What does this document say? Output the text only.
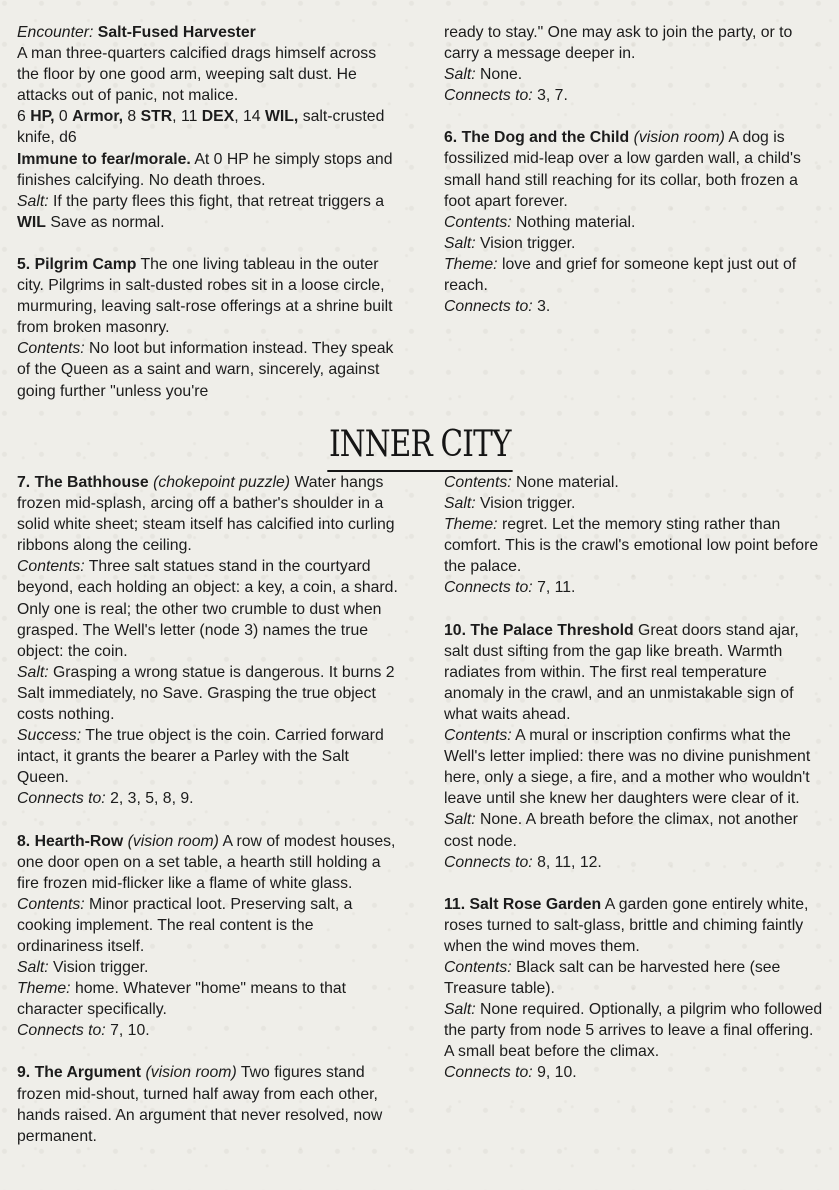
Encounter: Salt-Fused Harvester

A man three-quarters calcified drags himself across the floor by one good arm, weeping salt dust. He attacks out of panic, not malice.

6 HP, 0 Armor, 8 STR, 11 DEX, 14 WIL, salt-crusted knife, d6

Immune to fear/morale. At 0 HP he simply stops and finishes calcifying. No death throes.

Salt: If the party flees this fight, that retreat triggers a WIL Save as normal.

5. Pilgrim Camp The one living tableau in the outer city. Pilgrims in salt-dusted robes sit in a loose circle, murmuring, leaving salt-rose offerings at a shrine built from broken masonry.

Contents: No loot but information instead. They speak of the Queen as a saint and warn, sincerely, against going further "unless you're

ready to stay." One may ask to join the party, or to carry a message deeper in.

Salt: None.

Connects to: 3, 7.

6. The Dog and the Child (vision room) A dog is fossilized mid-leap over a low garden wall, a child's small hand still reaching for its collar, both frozen a foot apart forever.

Contents: Nothing material.

Salt: Vision trigger.

Theme: love and grief for someone kept just out of reach.

Connects to: 3.

INNER CITY

7. The Bathhouse (chokepoint puzzle) Water hangs frozen mid-splash, arcing off a bather's shoulder in a solid white sheet; steam itself has calcified into curling ribbons along the ceiling.

Contents: Three salt statues stand in the courtyard beyond, each holding an object: a key, a coin, a shard. Only one is real; the other two crumble to dust when grasped. The Well's letter (node 3) names the true object: the coin.

Salt: Grasping a wrong statue is dangerous. It burns 2 Salt immediately, no Save. Grasping the true object costs nothing.

Success: The true object is the coin. Carried forward intact, it grants the bearer a Parley with the Salt Queen.

Connects to: 2, 3, 5, 8, 9.

8. Hearth-Row (vision room) A row of modest houses, one door open on a set table, a hearth still holding a fire frozen mid-flicker like a flame of white glass.

Contents: Minor practical loot. Preserving salt, a cooking implement. The real content is the ordinariness itself.

Salt: Vision trigger.

Theme: home. Whatever "home" means to that character specifically.

Connects to: 7, 10.

9. The Argument (vision room) Two figures stand frozen mid-shout, turned half away from each other, hands raised. An argument that never resolved, now permanent.

Contents: None material.

Salt: Vision trigger.

Theme: regret. Let the memory sting rather than comfort. This is the crawl's emotional low point before the palace.

Connects to: 7, 11.

10. The Palace Threshold Great doors stand ajar, salt dust sifting from the gap like breath. Warmth radiates from within. The first real temperature anomaly in the crawl, and an unmistakable sign of what waits ahead.

Contents: A mural or inscription confirms what the Well's letter implied: there was no divine punishment here, only a siege, a fire, and a mother who wouldn't leave until she knew her daughters were clear of it.

Salt: None. A breath before the climax, not another cost node.

Connects to: 8, 11, 12.

11. Salt Rose Garden A garden gone entirely white, roses turned to salt-glass, brittle and chiming faintly when the wind moves them.

Contents: Black salt can be harvested here (see Treasure table).

Salt: None required. Optionally, a pilgrim who followed the party from node 5 arrives to leave a final offering. A small beat before the climax.

Connects to: 9, 10.
